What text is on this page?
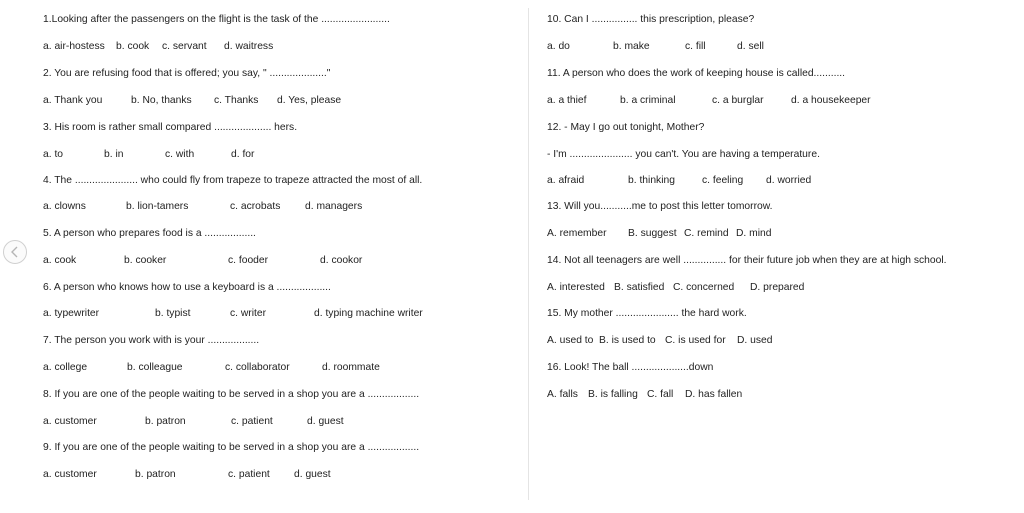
1.Looking after the passengers on the flight is the task of the ........................
a. air-hostess b. cook c. servant d. waitress
2. You are refusing food that is offered; you say, " ...................."
a. Thank you	b. No, thanks c. Thanks d. Yes, please
3. His room is rather small compared .................... hers.
a. to	b. in	c. with	d. for
4. The ...................... who could fly from trapeze to trapeze attracted the most of all.
a. clowns	b. lion-tamers	c. acrobats d. managers
5. A person who prepares food is a ..................
a. cook	b. cooker	c. fooder	d. cookor
6. A person who knows how to use a keyboard is a ...................
a. typewriter	b. typist	c. writer	d. typing machine writer
7. The person you work with is your ..................
a. college	b. colleague	c. collaborator	d. roommate
8. If you are one of the people waiting to be served in a shop you are a ..................
a. customer	b. patron	c. patient	d. guest
9. If you are one of the people waiting to be served in a shop you are a ..................
a. customer	b. patron	c. patient d. guest
10. Can I ................ this prescription, please?
a. do	b. make	c. fill	d. sell
11. A person who does the work of keeping house is called...........
a. a thief	b. a criminal	c. a burglar	d. a housekeeper
12. - May I go out tonight, Mother?
- I'm ...................... you can't. You are having a temperature.
a. afraid	b. thinking	c. feeling d. worried
13. Will you...........me to post this letter tomorrow.
A. remember B. suggest C. remind D. mind
14. Not all teenagers are well ............... for their future job when they are at high school.
A. interested B. satisfied C. concerned D. prepared
15. My mother ...................... the hard work.
A. used to B. is used to C. is used for D. used
16. Look! The ball ....................down
A. falls B. is falling C. fall D. has fallen
